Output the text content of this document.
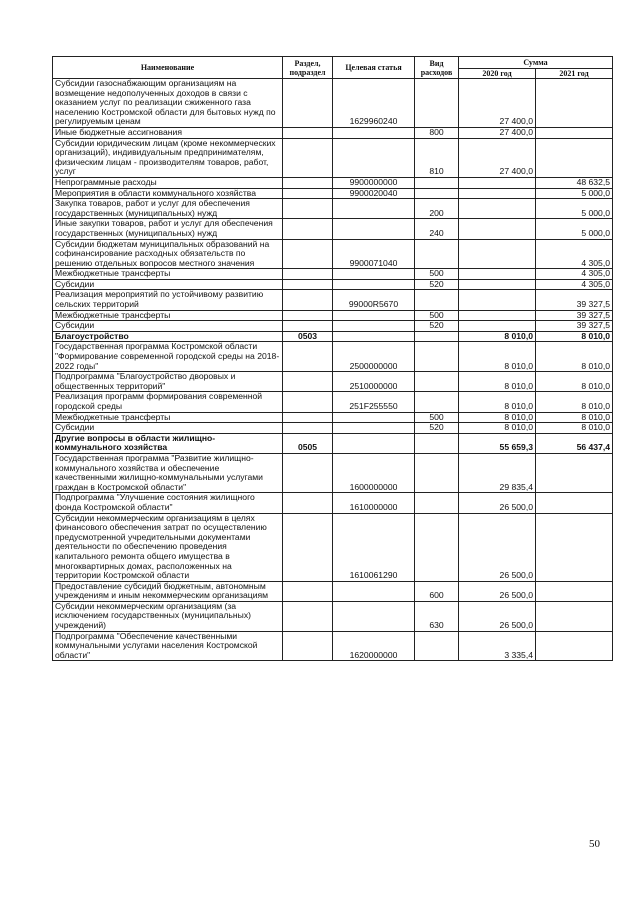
Наименование	Раздел, подраздел	Целевая статья	Вид расходов	Сумма	
				2020 год	2021 год
Субсидии газоснабжающим организациям на возмещение недополученных доходов в связи с оказанием услуг по реализации сжиженного газа населению Костромской области для бытовых нужд по регулируемым ценам		1629960240		27 400,0	
Иные бюджетные ассигнования			800	27 400,0	
Субсидии юридическим лицам (кроме некоммерческих организаций), индивидуальным предпринимателям, физическим лицам - производителям товаров, работ, услуг			810	27 400,0	
Непрограммные расходы		9900000000			48 632,5
Мероприятия в области коммунального хозяйства		9900020040			5 000,0
Закупка товаров, работ и услуг для обеспечения государственных (муниципальных) нужд			200		5 000,0
Иные закупки товаров, работ и услуг для обеспечения государственных (муниципальных) нужд			240		5 000,0
Субсидии бюджетам муниципальных образований на софинансирование расходных обязательств по решению отдельных вопросов местного значения		9900071040			4 305,0
Межбюджетные трансферты			500		4 305,0
Субсидии			520		4 305,0
Реализация мероприятий по устойчивому развитию сельских территорий		99000R5670			39 327,5
Межбюджетные трансферты			500		39 327,5
Субсидии			520		39 327,5
Благоустройство	0503			8 010,0	8 010,0
Государственная программа Костромской области "Формирование современной городской среды на 2018-2022 годы"		2500000000		8 010,0	8 010,0
Подпрограмма "Благоустройство дворовых и общественных территорий"		2510000000		8 010,0	8 010,0
Реализация программ формирования современной городской среды		251F255550		8 010,0	8 010,0
Межбюджетные трансферты			500	8 010,0	8 010,0
Субсидии			520	8 010,0	8 010,0
Другие вопросы в области жилищно-коммунального хозяйства	0505			55 659,3	56 437,4
Государственная программа "Развитие жилищно-коммунального хозяйства и обеспечение качественными жилищно-коммунальными услугами граждан в Костромской области"		1600000000		29 835,4	
Подпрограмма "Улучшение состояния жилищного фонда Костромской области"		1610000000		26 500,0	
Субсидии некоммерческим организациям в целях финансового обеспечения затрат по осуществлению предусмотренной учредительными документами деятельности по обеспечению проведения капитального ремонта общего имущества в многоквартирных домах, расположенных на территории Костромской области		1610061290		26 500,0	
Предоставление субсидий бюджетным, автономным учреждениям и иным некоммерческим организациям			600	26 500,0	
Субсидии некоммерческим организациям (за исключением государственных (муниципальных) учреждений)			630	26 500,0	
Подпрограмма "Обеспечение качественными коммунальными услугами населения Костромской области"		1620000000		3 335,4	
50
